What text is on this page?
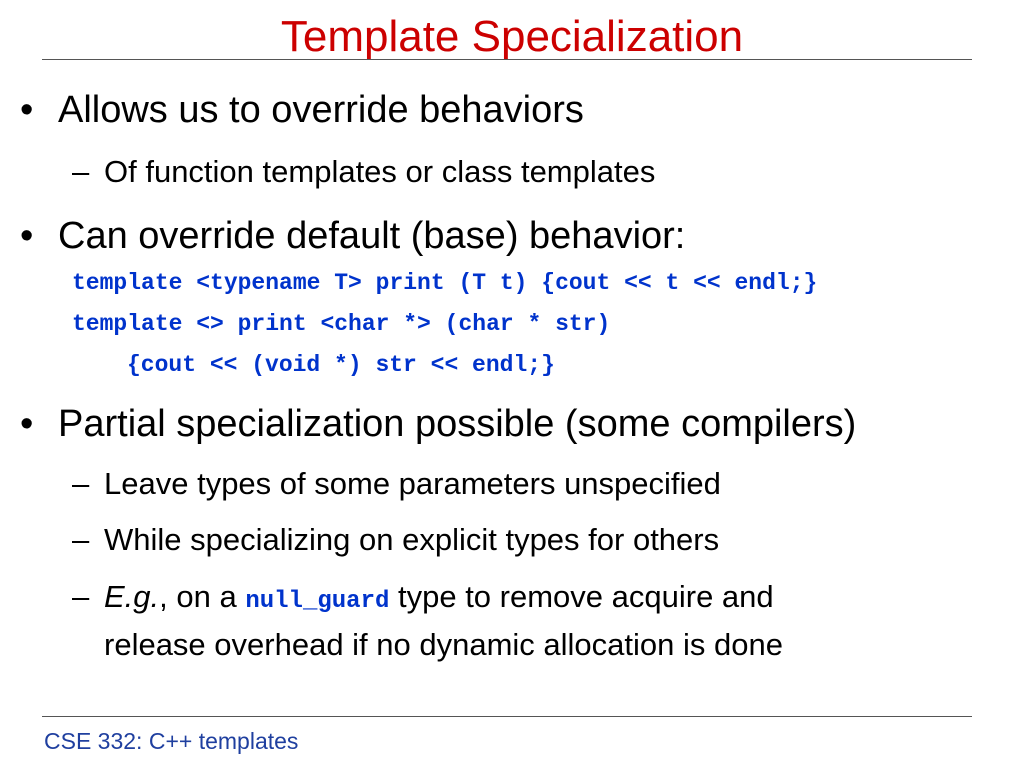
Template Specialization
• Allows us to override behaviors
– Of function templates or class templates
• Can override default (base) behavior:
template <typename T> print (T t) {cout << t << endl;}
template <> print <char *> (char * str)
{cout << (void *) str << endl;}
• Partial specialization possible (some compilers)
– Leave types of some parameters unspecified
– While specializing on explicit types for others
– E.g., on a null_guard type to remove acquire and
release overhead if no dynamic allocation is done
CSE 332: C++ templates
